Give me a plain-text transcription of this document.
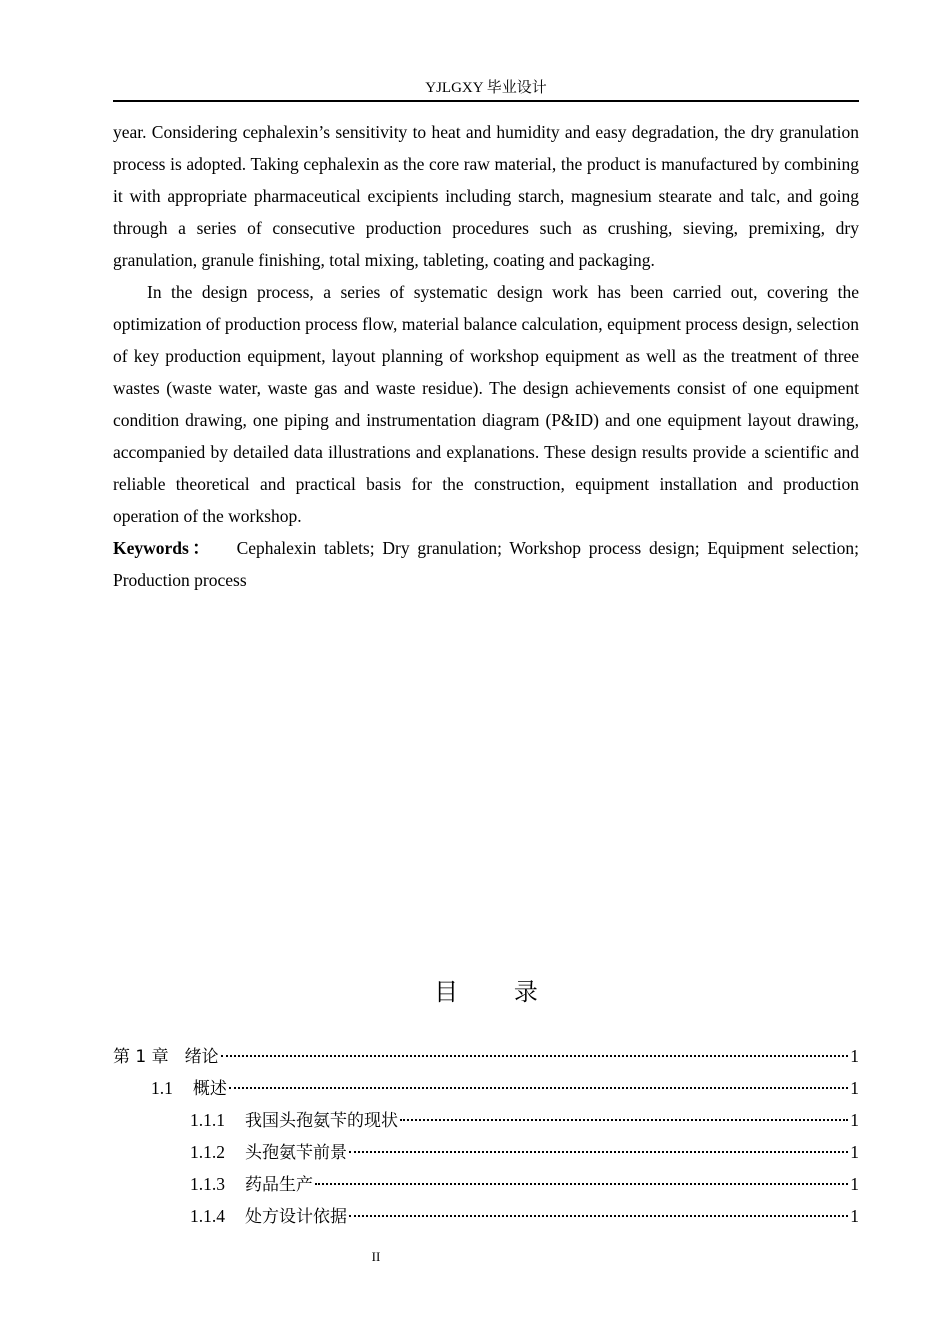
YJLGXY 毕业设计

year. Considering cephalexin’s sensitivity to heat and humidity and easy degradation, the dry granulation process is adopted. Taking cephalexin as the core raw material, the product is manufactured by combining it with appropriate pharmaceutical excipients including starch, magnesium stearate and talc, and going through a series of consecutive production procedures such as crushing, sieving, premixing, dry granulation, granule finishing, total mixing, tableting, coating and packaging.

In the design process, a series of systematic design work has been carried out, covering the optimization of production process flow, material balance calculation, equipment process design, selection of key production equipment, layout planning of workshop equipment as well as the treatment of three wastes (waste water, waste gas and waste residue). The design achievements consist of one equipment condition drawing, one piping and instrumentation diagram (P&ID) and one equipment layout drawing, accompanied by detailed data illustrations and explanations. These design results provide a scientific and reliable theoretical and practical basis for the construction, equipment installation and production operation of the workshop.

Keywords： Cephalexin tablets; Dry granulation; Workshop process design; Equipment selection; Production process

目 录
第 1 章 绪论	1
1.1 概述	1
1.1.1 我国头孢氨苄的现状	1
1.1.2 头孢氨苄前景	1
1.1.3 药品生产	1
1.1.4 处方设计依据	1
II
